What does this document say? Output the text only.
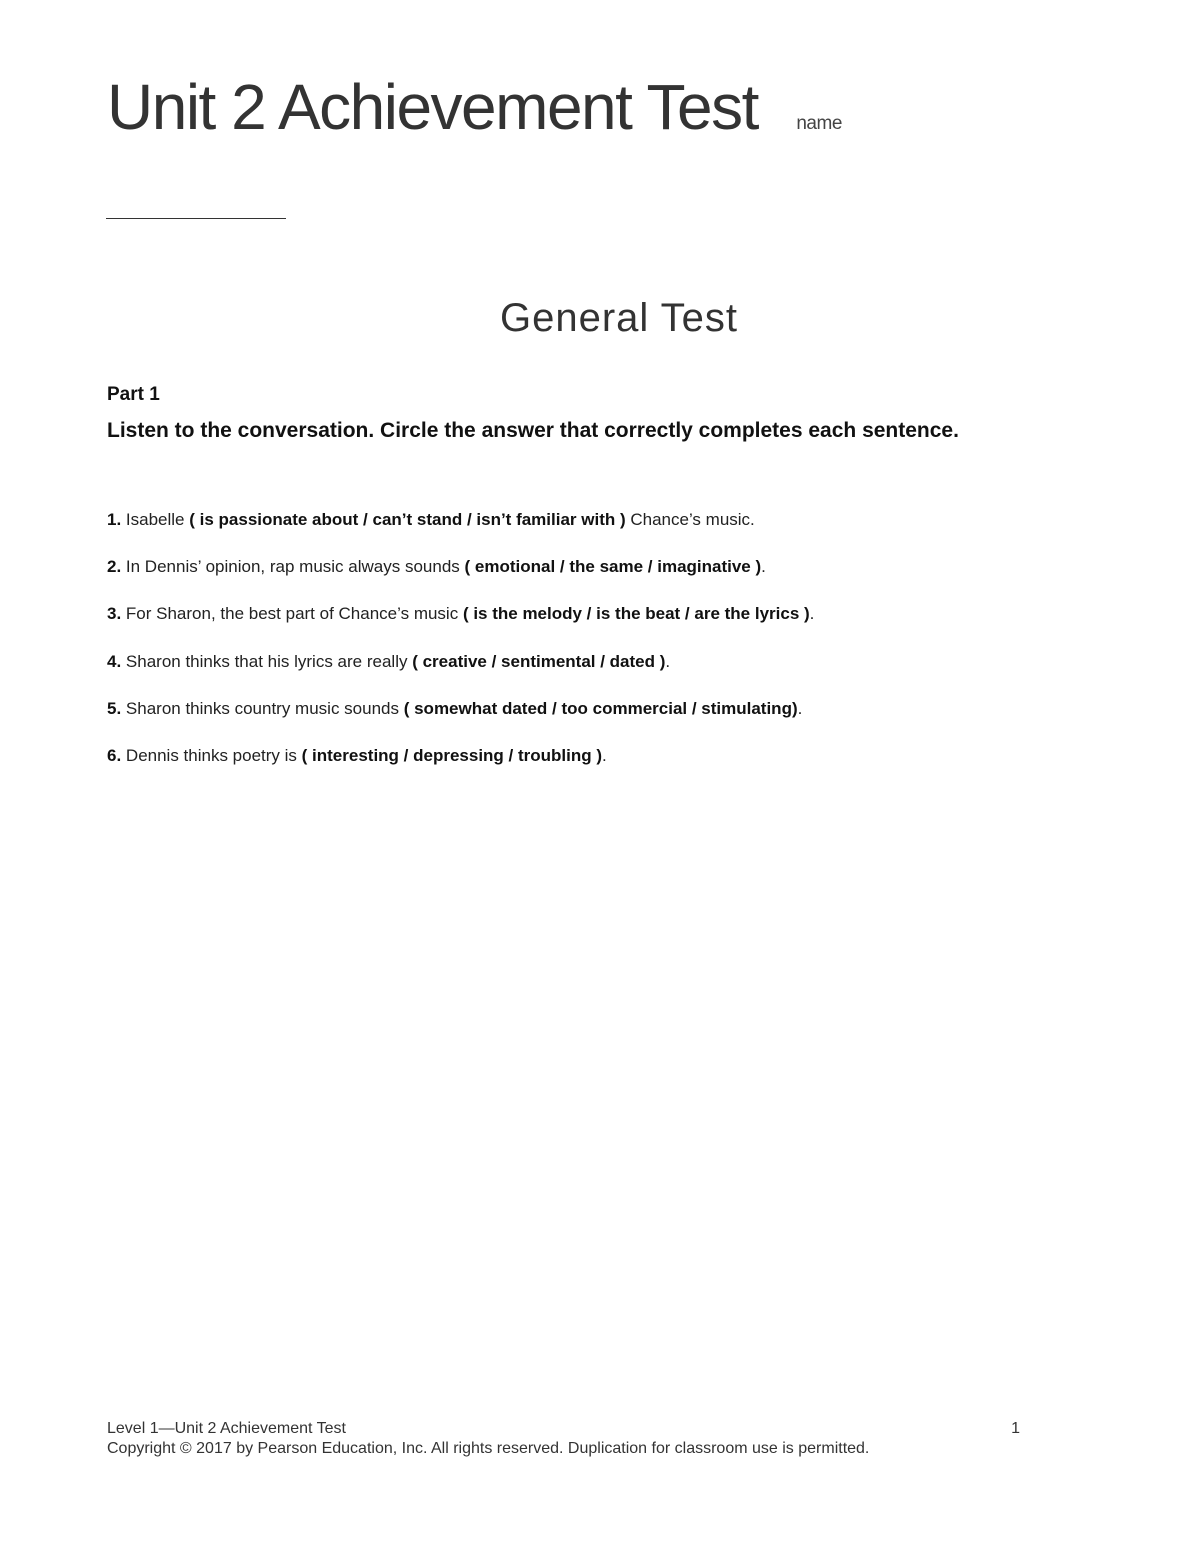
Unit 2 Achievement Test name
General Test
Part 1
Listen to the conversation. Circle the answer that correctly completes each sentence.
1. Isabelle ( is passionate about / can’t stand / isn’t familiar with ) Chance’s music.
2. In Dennis’ opinion, rap music always sounds ( emotional / the same / imaginative ).
3. For Sharon, the best part of Chance’s music ( is the melody / is the beat / are the lyrics ).
4. Sharon thinks that his lyrics are really ( creative / sentimental / dated ).
5. Sharon thinks country music sounds ( somewhat dated / too commercial / stimulating).
6. Dennis thinks poetry is ( interesting / depressing / troubling ).
Level 1—Unit 2 Achievement Test	1
Copyright © 2017 by Pearson Education, Inc. All rights reserved. Duplication for classroom use is permitted.
